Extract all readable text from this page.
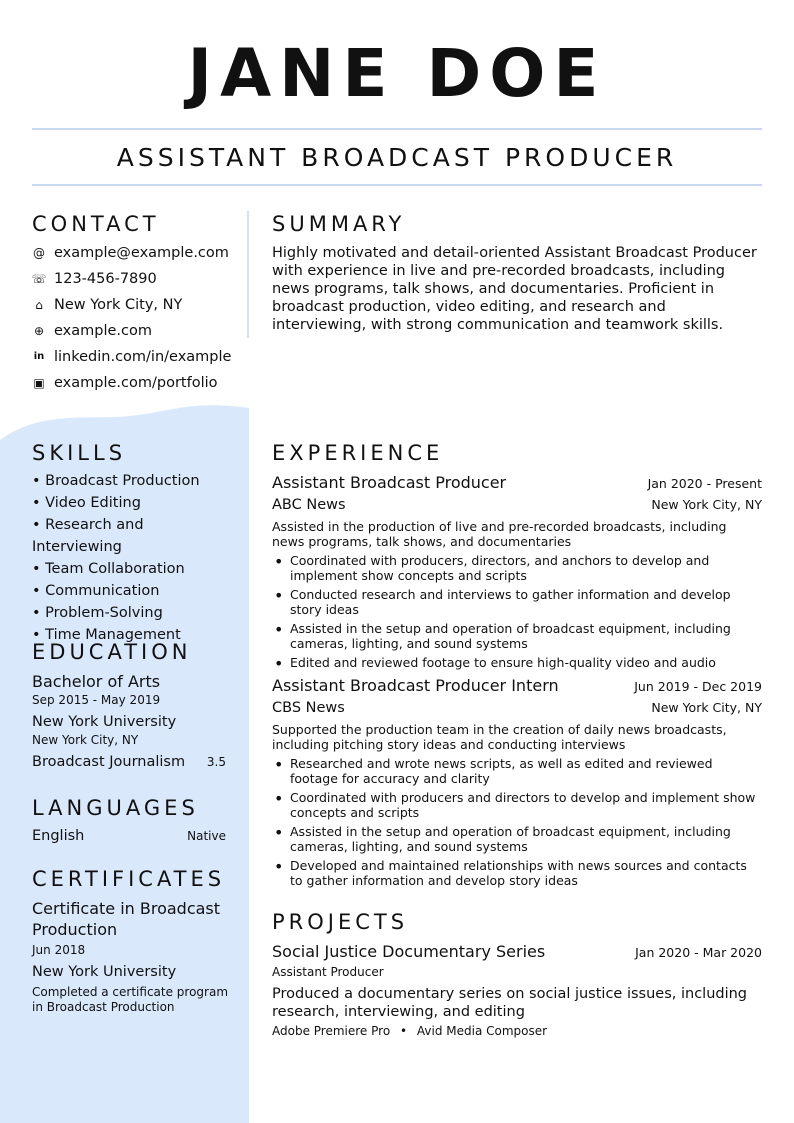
JANE DOE
ASSISTANT BROADCAST PRODUCER
CONTACT
@ example@example.com
☏ 123-456-7890
⌂ New York City, NY
⊕ example.com
in linkedin.com/in/example
▣ example.com/portfolio
SUMMARY
Highly motivated and detail-oriented Assistant Broadcast Producer with experience in live and pre-recorded broadcasts, including news programs, talk shows, and documentaries. Proficient in broadcast production, video editing, and research and interviewing, with strong communication and teamwork skills.
SKILLS
• Broadcast Production
• Video Editing
• Research and Interviewing
• Team Collaboration
• Communication
• Problem-Solving
• Time Management
EDUCATION
Bachelor of Arts
Sep 2015 - May 2019
New York University
New York City, NY
Broadcast Journalism 3.5
LANGUAGES
English	Native
CERTIFICATES
Certificate in Broadcast Production
Jun 2018
New York University
Completed a certificate program in Broadcast Production
EXPERIENCE
Assistant Broadcast Producer	Jan 2020 - Present
ABC News	New York City, NY
Assisted in the production of live and pre-recorded broadcasts, including news programs, talk shows, and documentaries
• Coordinated with producers, directors, and anchors to develop and implement show concepts and scripts
• Conducted research and interviews to gather information and develop story ideas
• Assisted in the setup and operation of broadcast equipment, including cameras, lighting, and sound systems
• Edited and reviewed footage to ensure high-quality video and audio
Assistant Broadcast Producer Intern	Jun 2019 - Dec 2019
CBS News	New York City, NY
Supported the production team in the creation of daily news broadcasts, including pitching story ideas and conducting interviews
• Researched and wrote news scripts, as well as edited and reviewed footage for accuracy and clarity
• Coordinated with producers and directors to develop and implement show concepts and scripts
• Assisted in the setup and operation of broadcast equipment, including cameras, lighting, and sound systems
• Developed and maintained relationships with news sources and contacts to gather information and develop story ideas
PROJECTS
Social Justice Documentary Series	Jan 2020 - Mar 2020
Assistant Producer
Produced a documentary series on social justice issues, including research, interviewing, and editing
Adobe Premiere Pro • Avid Media Composer
